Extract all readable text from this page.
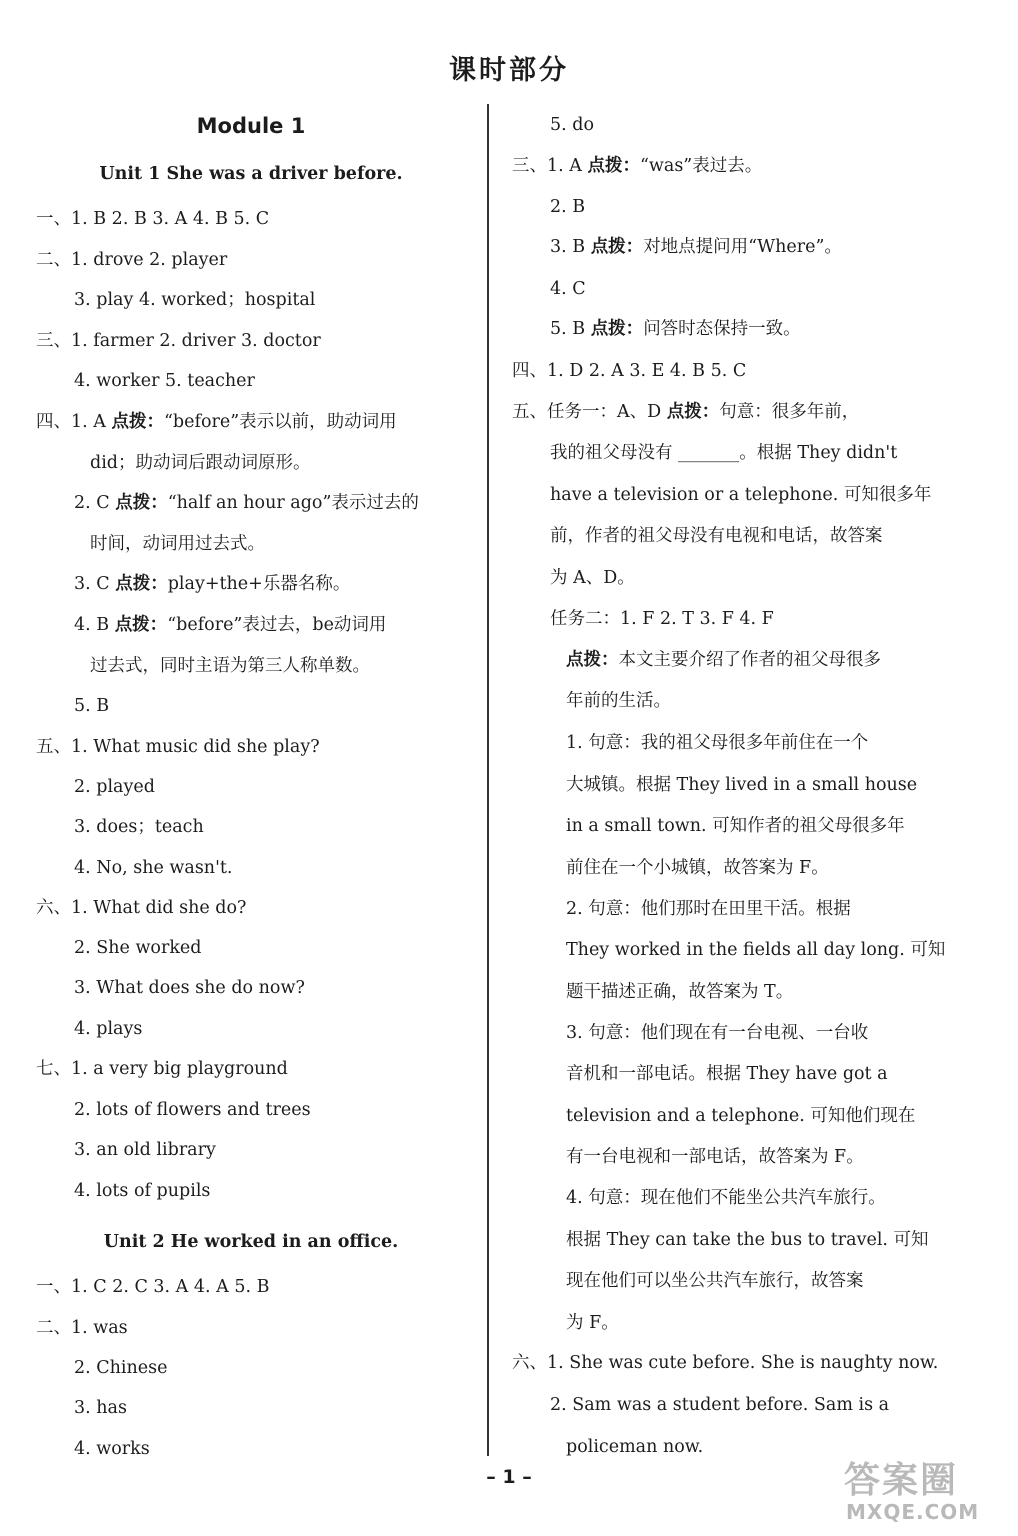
课时部分
Module 1
Unit 1 She was a driver before.
一、1. B 2. B 3. A 4. B 5. C
二、1. drove 2. player
3. play 4. worked；hospital
三、1. farmer 2. driver 3. doctor
4. worker 5. teacher
四、1. A 点拨：“before”表示以前，助动词用
did；助动词后跟动词原形。
2. C 点拨：“half an hour ago”表示过去的
时间，动词用过去式。
3. C 点拨：play+the+乐器名称。
4. B 点拨：“before”表过去，be动词用
过去式，同时主语为第三人称单数。
5. B
五、1. What music did she play?
2. played
3. does；teach
4. No, she wasn't.
六、1. What did she do?
2. She worked
3. What does she do now?
4. plays
七、1. a very big playground
2. lots of flowers and trees
3. an old library
4. lots of pupils
Unit 2 He worked in an office.
一、1. C 2. C 3. A 4. A 5. B
二、1. was
2. Chinese
3. has
4. works
5. do
三、1. A 点拨：“was”表过去。
2. B
3. B 点拨：对地点提问用“Where”。
4. C
5. B 点拨：问答时态保持一致。
四、1. D 2. A 3. E 4. B 5. C
五、任务一：A、D 点拨：句意：很多年前，
我的祖父母没有 _______。根据 They didn't
have a television or a telephone. 可知很多年
前，作者的祖父母没有电视和电话，故答案
为 A、D。
任务二：1. F 2. T 3. F 4. F
点拨：本文主要介绍了作者的祖父母很多
年前的生活。
1. 句意：我的祖父母很多年前住在一个
大城镇。根据 They lived in a small house
in a small town. 可知作者的祖父母很多年
前住在一个小城镇，故答案为 F。
2. 句意：他们那时在田里干活。根据
They worked in the fields all day long. 可知
题干描述正确，故答案为 T。
3. 句意：他们现在有一台电视、一台收
音机和一部电话。根据 They have got a
television and a telephone. 可知他们现在
有一台电视和一部电话，故答案为 F。
4. 句意：现在他们不能坐公共汽车旅行。
根据 They can take the bus to travel. 可知
现在他们可以坐公共汽车旅行，故答案
为 F。
六、1. She was cute before. She is naughty now.
2. Sam was a student before. Sam is a
policeman now.
– 1 –	答案圈
MXQE.COM
